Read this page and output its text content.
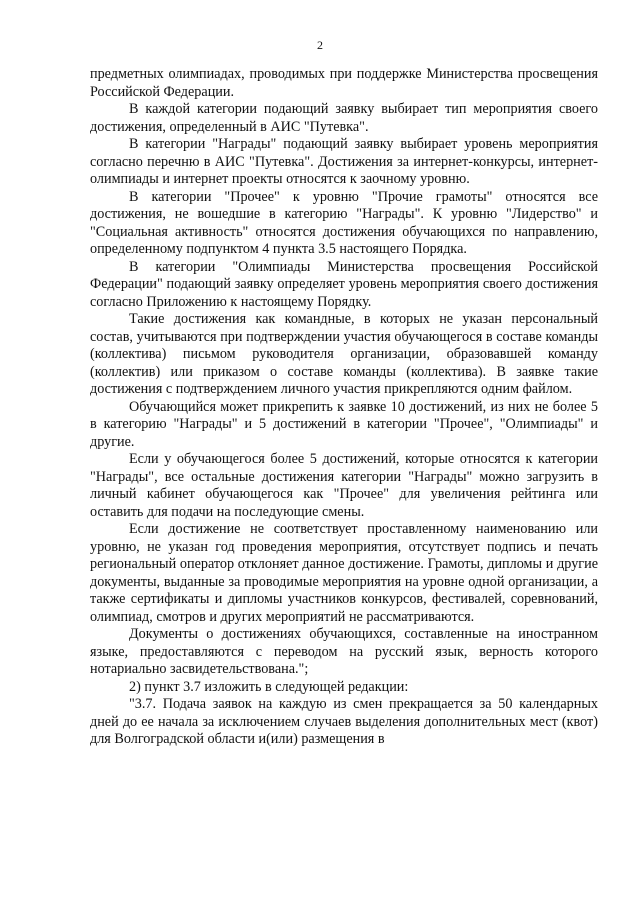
2

предметных олимпиадах, проводимых при поддержке Министерства просвещения Российской Федерации.

В каждой категории подающий заявку выбирает тип мероприятия своего достижения, определенный в АИС "Путевка".

В категории "Награды" подающий заявку выбирает уровень мероприятия согласно перечню в АИС "Путевка". Достижения за интернет-конкурсы, интернет-олимпиады и интернет проекты относятся к заочному уровню.

В категории "Прочее" к уровню "Прочие грамоты" относятся все достижения, не вошедшие в категорию "Награды". К уровню "Лидерство" и "Социальная активность" относятся достижения обучающихся по направлению, определенному подпунктом 4 пункта 3.5 настоящего Порядка.

В категории "Олимпиады Министерства просвещения Российской Федерации" подающий заявку определяет уровень мероприятия своего достижения согласно Приложению к настоящему Порядку.

Такие достижения как командные, в которых не указан персональный состав, учитываются при подтверждении участия обучающегося в составе команды (коллектива) письмом руководителя организации, образовавшей команду (коллектив) или приказом о составе команды (коллектива). В заявке такие достижения с подтверждением личного участия прикрепляются одним файлом.

Обучающийся может прикрепить к заявке 10 достижений, из них не более 5 в категорию "Награды" и 5 достижений в категории "Прочее", "Олимпиады" и другие.

Если у обучающегося более 5 достижений, которые относятся к категории "Награды", все остальные достижения категории "Награды" можно загрузить в личный кабинет обучающегося как "Прочее" для увеличения рейтинга или оставить для подачи на последующие смены.

Если достижение не соответствует проставленному наименованию или уровню, не указан год проведения мероприятия, отсутствует подпись и печать региональный оператор отклоняет данное достижение. Грамоты, дипломы и другие документы, выданные за проводимые мероприятия на уровне одной организации, а также сертификаты и дипломы участников конкурсов, фестивалей, соревнований, олимпиад, смотров и других мероприятий не рассматриваются.

Документы о достижениях обучающихся, составленные на иностранном языке, предоставляются с переводом на русский язык, верность которого нотариально засвидетельствована.";

2) пункт 3.7 изложить в следующей редакции:

"3.7. Подача заявок на каждую из смен прекращается за 50 календарных дней до ее начала за исключением случаев выделения дополнительных мест (квот) для Волгоградской области и(или) размещения в
